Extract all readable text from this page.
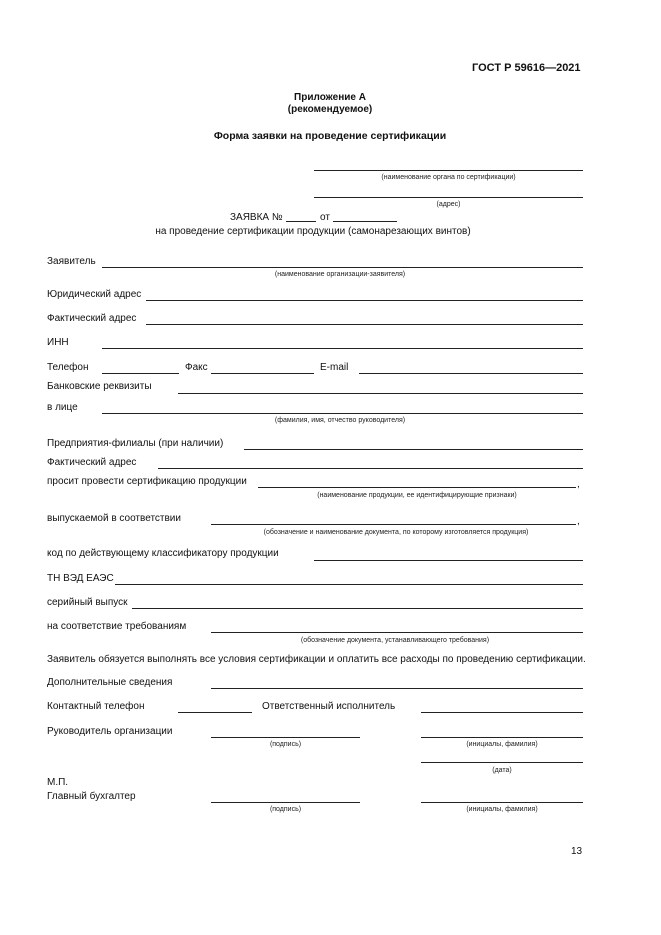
ГОСТ Р 59616—2021
Приложение А
(рекомендуемое)
Форма заявки на проведение сертификации
(наименование органа по сертификации)
(адрес)
ЗАЯВКА №	от
на проведение сертификации продукции (самонарезающих винтов)
Заявитель
(наименование организации-заявителя)
Юридический адрес
Фактический адрес
ИНН
Телефон	Факс	E-mail
Банковские реквизиты
в лице
(фамилия, имя, отчество руководителя)
Предприятия-филиалы (при наличии)
Фактический адрес
просит провести сертификацию продукции	,
(наименование продукции, ее идентифицирующие признаки)
выпускаемой в соответствии	,
(обозначение и наименование документа, по которому изготовляется продукция)
код по действующему классификатору продукции
ТН ВЭД ЕАЭС
серийный выпуск
на соответствие требованиям
(обозначение документа, устанавливающего требования)
Заявитель обязуется выполнять все условия сертификации и оплатить все расходы по проведению сертификации.
Дополнительные сведения
Контактный телефон	Ответственный исполнитель
Руководитель организации
(подпись)	(инициалы, фамилия)
(дата)
М.П.
Главный бухгалтер
(подпись)	(инициалы, фамилия)
13
